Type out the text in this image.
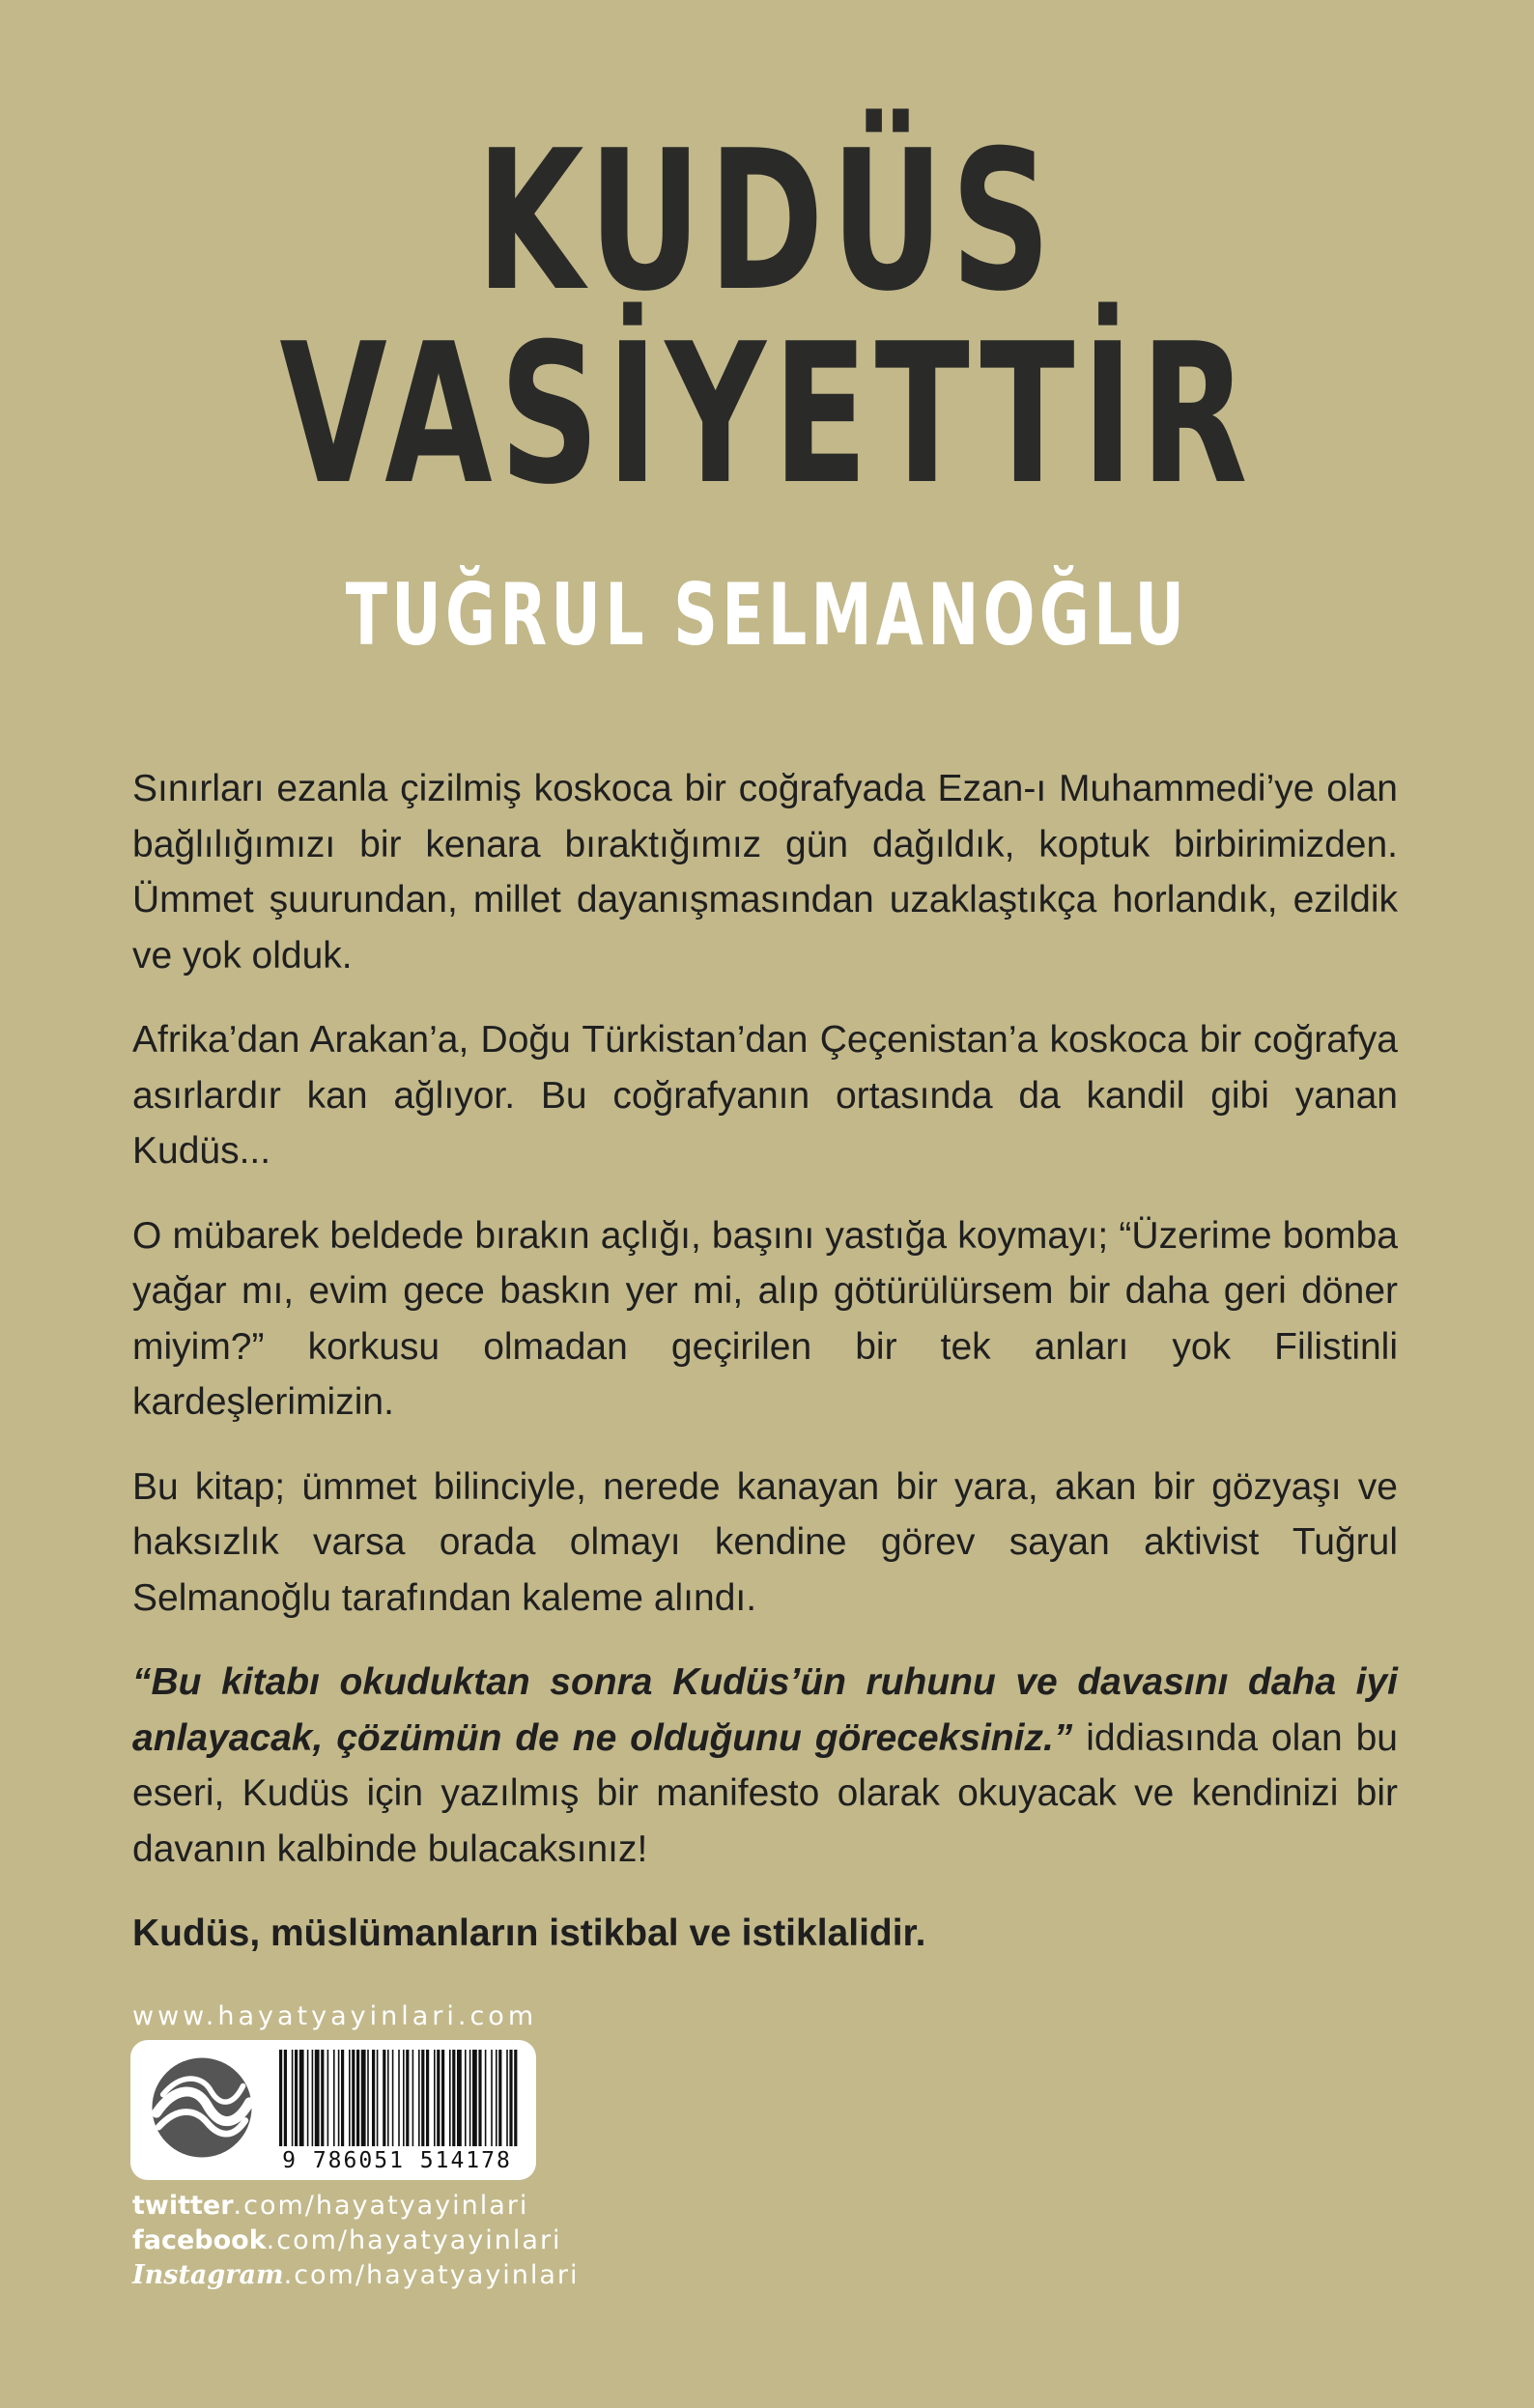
KUDÜS
VASİYETTİR
TUĞRUL SELMANOĞLU

Sınırları ezanla çizilmiş koskoca bir coğrafyada Ezan-ı Muhammedi’ye olan bağlılığımızı bir kenara bıraktığımız gün dağıldık, koptuk birbirimizden. Ümmet şuurundan, millet dayanışmasından uzaklaştıkça horlandık, ezildik ve yok olduk.

Afrika’dan Arakan’a, Doğu Türkistan’dan Çeçenistan’a koskoca bir coğrafya asırlardır kan ağlıyor. Bu coğrafyanın ortasında da kandil gibi yanan Kudüs...

O mübarek beldede bırakın açlığı, başını yastığa koymayı; “Üzerime bomba yağar mı, evim gece baskın yer mi, alıp götürülürsem bir daha geri döner miyim?” korkusu olmadan geçirilen bir tek anları yok Filistinli kardeşlerimizin.

Bu kitap; ümmet bilinciyle, nerede kanayan bir yara, akan bir gözyaşı ve haksızlık varsa orada olmayı kendine görev sayan aktivist Tuğrul Selmanoğlu tarafından kaleme alındı.

“Bu kitabı okuduktan sonra Kudüs’ün ruhunu ve davasını daha iyi anlayacak, çözümün de ne olduğunu göreceksiniz.” iddiasında olan bu eseri, Kudüs için yazılmış bir manifesto olarak okuyacak ve kendinizi bir davanın kalbinde bulacaksınız!

Kudüs, müslümanların istikbal ve istiklalidir.

www.hayatyayinlari.com
9 786051 514178
twitter.com/hayatyayinlari
facebook.com/hayatyayinlari
Instagram.com/hayatyayinlari
